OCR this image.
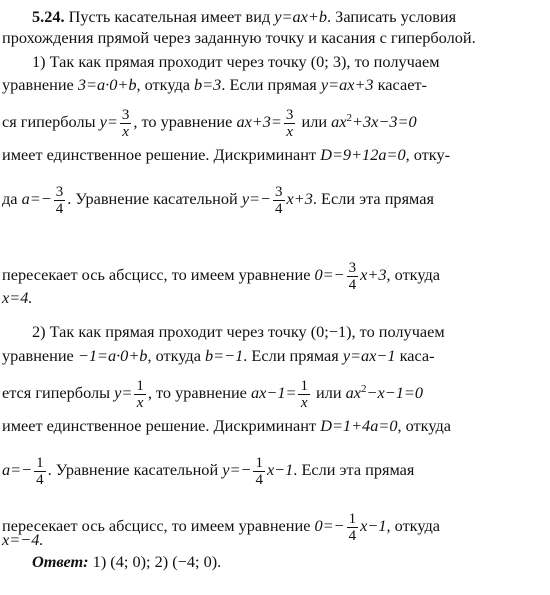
5.24. Пусть касательная имеет вид y=ax+b. Записать условия
прохождения прямой через заданную точку и касания с гиперболой.
1) Так как прямая проходит через точку (0; 3), то получаем
уравнение 3=a·0+b, откуда b=3. Если прямая y=ax+3 касает-
ся гиперболы $y= \frac{3}{x}$ , то уравнение $ax+3= \frac{3}{x}$ или $ax^2+3x-3=0$
имеет единственное решение. Дискриминант D=9+12a=0, отку-
да $a=- \frac{3}{4}$ . Уравнение касательной $y=- \frac{3}{4} x+3$. Если эта прямая
пересекает ось абсцисс, то имеем уравнение $0=- \frac{3}{4} x+3$, откуда
x=4.
2) Так как прямая проходит через точку (0;−1), то получаем
уравнение −1=a·0+b, откуда b=−1. Если прямая y=ax−1 каса-
ется гиперболы $y= \frac{1}{x}$ , то уравнение $ax-1= \frac{1}{x}$ или $ax^2-x-1=0$
имеет единственное решение. Дискриминант D=1+4a=0, откуда
$a=- \frac{1}{4}$ . Уравнение касательной $y=- \frac{1}{4} x-1$. Если эта прямая
пересекает ось абсцисс, то имеем уравнение $0=- \frac{1}{4} x-1$, откуда
x=−4.
Ответ: 1) (4; 0); 2) (−4; 0).
